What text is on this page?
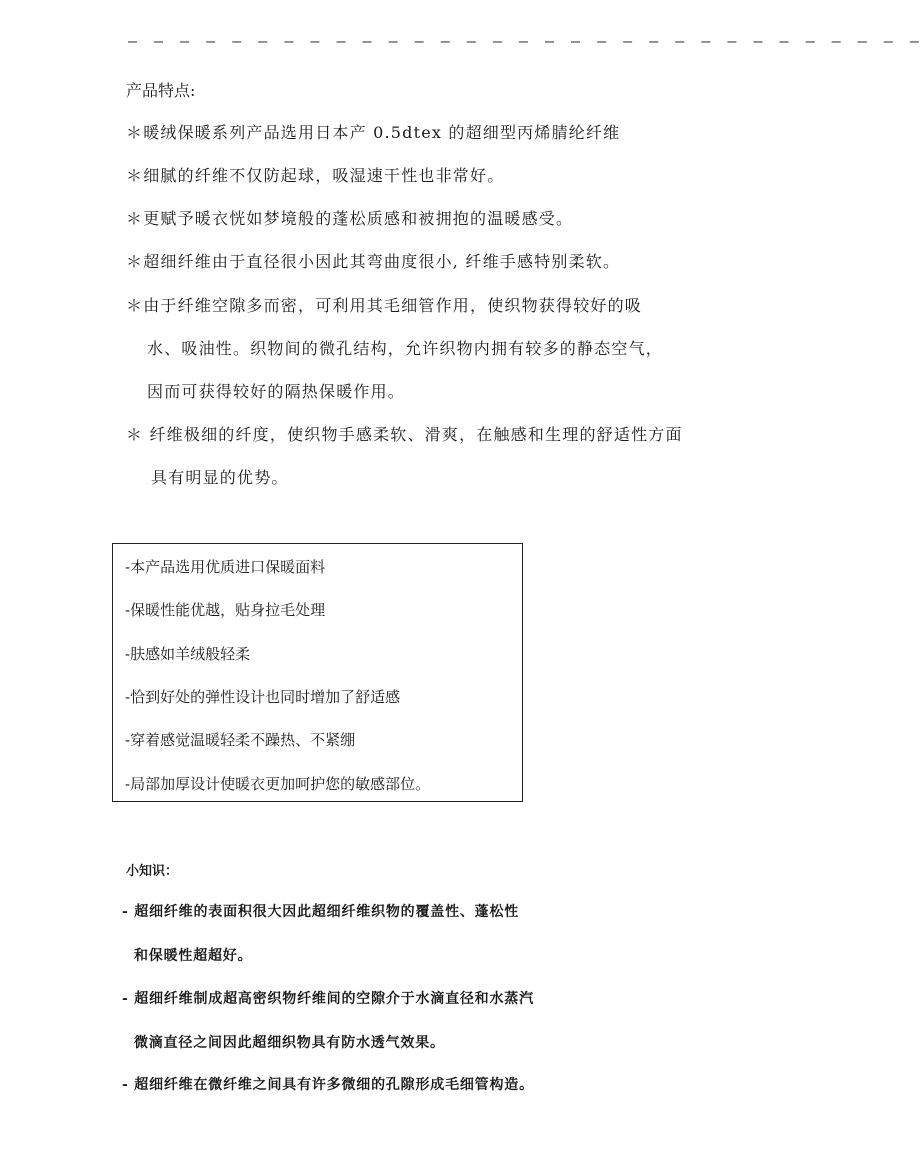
– – – – – – – – – – – – – – – – – – – – – – – – – – – – – – –
产品特点:
＊暖绒保暖系列产品选用日本产 0.5dtex 的超细型丙烯腈纶纤维
＊细腻的纤维不仅防起球，吸湿速干性也非常好。
＊更赋予暖衣恍如梦境般的蓬松质感和被拥抱的温暖感受。
＊超细纤维由于直径很小因此其弯曲度很小, 纤维手感特别柔软。
＊由于纤维空隙多而密，可利用其毛细管作用，使织物获得较好的吸
水、吸油性。织物间的微孔结构，允许织物内拥有较多的静态空气，
因而可获得较好的隔热保暖作用。
＊ 纤维极细的纤度，使织物手感柔软、滑爽，在触感和生理的舒适性方面
具有明显的优势。
-本产品选用优质进口保暖面料
-保暖性能优越，贴身拉毛处理
-肤感如羊绒般轻柔
-恰到好处的弹性设计也同时增加了舒适感
-穿着感觉温暖轻柔不躁热、不紧绷
-局部加厚设计使暖衣更加呵护您的敏感部位。
小知识：
- 超细纤维的表面积很大因此超细纤维织物的覆盖性、蓬松性
和保暖性超超好。
- 超细纤维制成超高密织物纤维间的空隙介于水滴直径和水蒸汽
微滴直径之间因此超细织物具有防水透气效果。
- 超细纤维在微纤维之间具有许多微细的孔隙形成毛细管构造。
